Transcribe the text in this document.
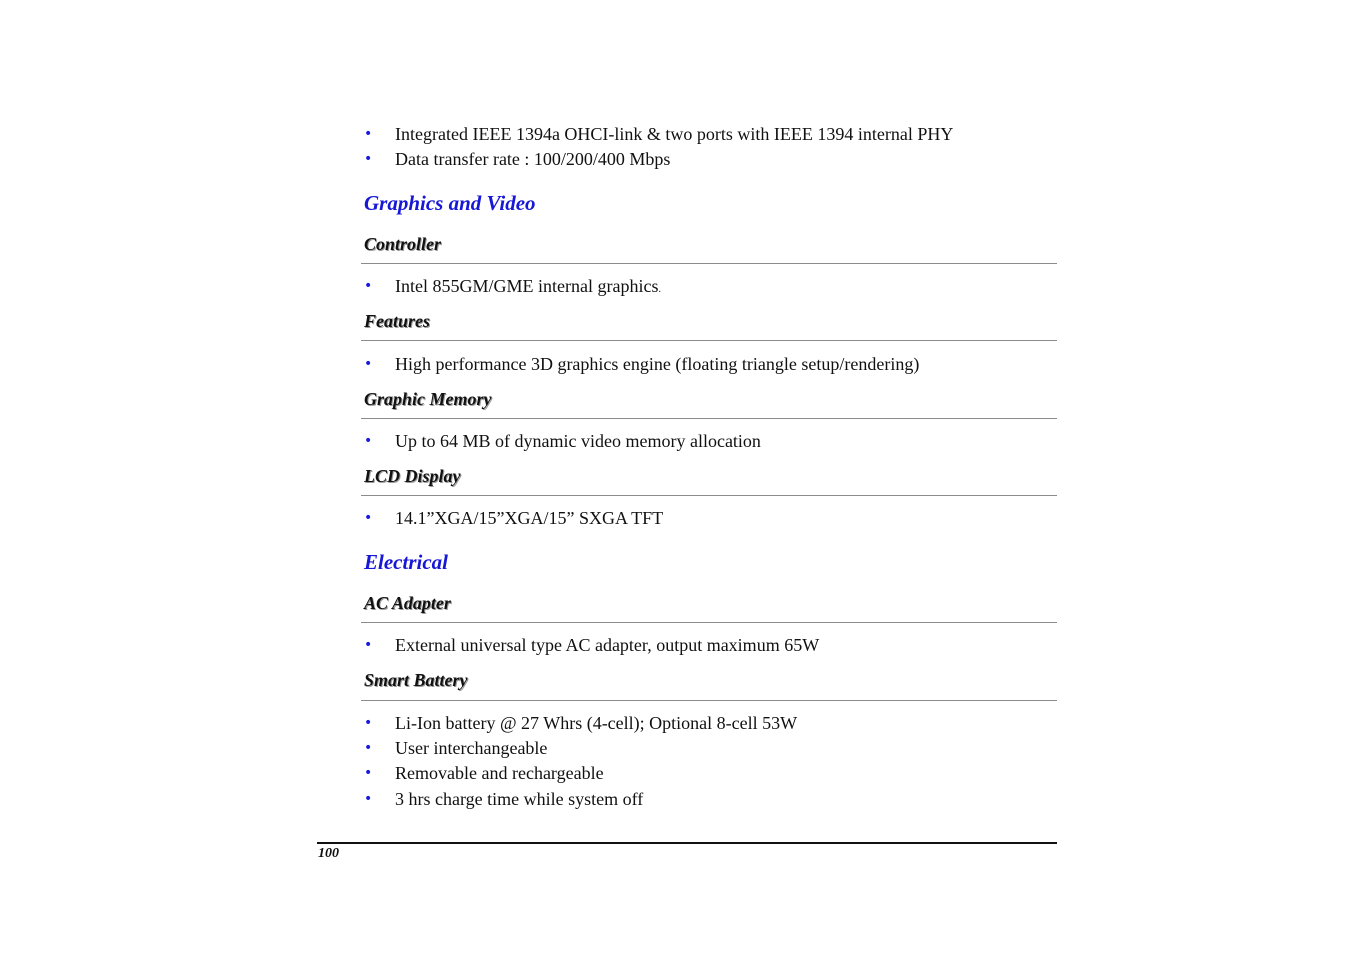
• Integrated IEEE 1394a OHCI-link & two ports with IEEE 1394 internal PHY
• Data transfer rate : 100/200/400 Mbps
Graphics and Video
Controller
• Intel 855GM/GME internal graphics.
Features
• High performance 3D graphics engine (floating triangle setup/rendering)
Graphic Memory
• Up to 64 MB of dynamic video memory allocation
LCD Display
• 14.1”XGA/15”XGA/15” SXGA TFT
Electrical
AC Adapter
• External universal type AC adapter, output maximum 65W
Smart Battery
• Li-Ion battery @ 27 Whrs (4-cell); Optional 8-cell 53W
• User interchangeable
• Removable and rechargeable
• 3 hrs charge time while system off
100
